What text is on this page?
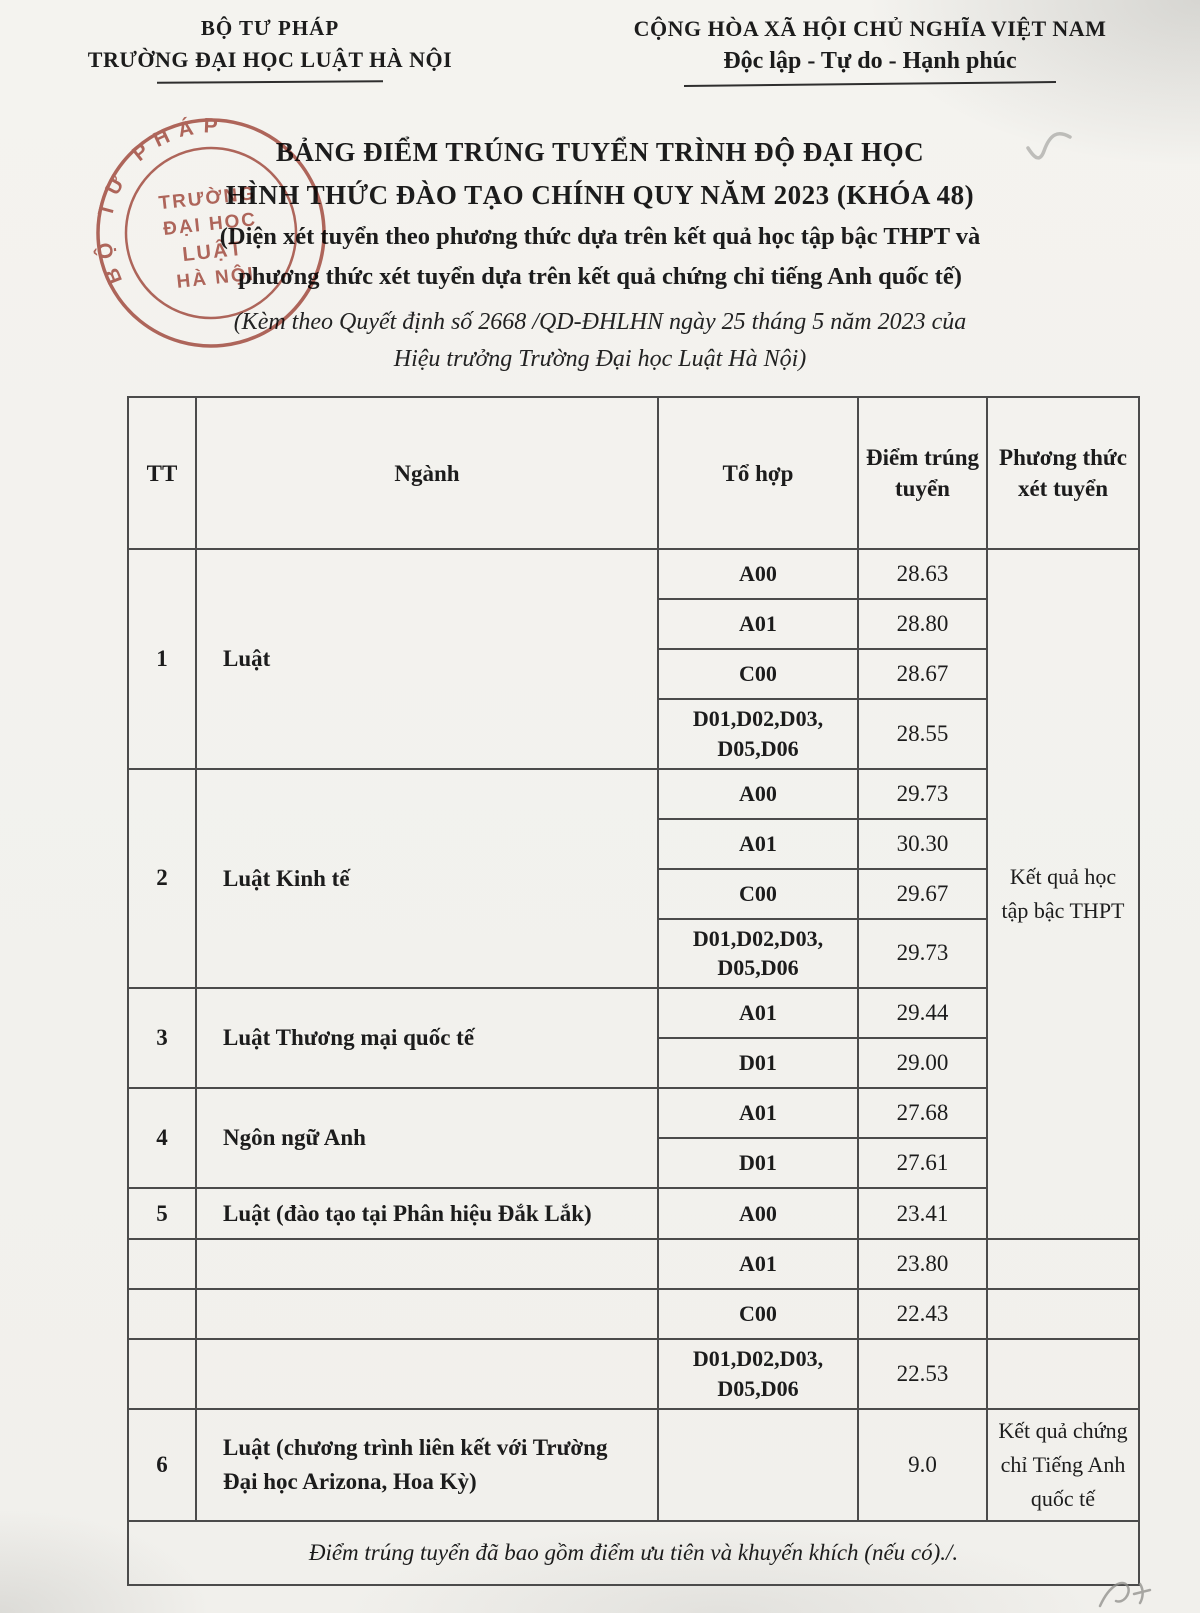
BỘ TƯ PHÁP
TRƯỜNG ĐẠI HỌC LUẬT HÀ NỘI
CỘNG HÒA XÃ HỘI CHỦ NGHĨA VIỆT NAM
Độc lập - Tự do - Hạnh phúc
BẢNG ĐIỂM TRÚNG TUYỂN TRÌNH ĐỘ ĐẠI HỌC
HÌNH THỨC ĐÀO TẠO CHÍNH QUY NĂM 2023 (KHÓA 48)
(Diện xét tuyển theo phương thức dựa trên kết quả học tập bậc THPT và
phương thức xét tuyển dựa trên kết quả chứng chỉ tiếng Anh quốc tế)
(Kèm theo Quyết định số 2668 /QD-ĐHLHN ngày 25 tháng 5 năm 2023 của
Hiệu trưởng Trường Đại học Luật Hà Nội)
TT	Ngành	Tổ hợp	Điểm trúng tuyển	Phương thức xét tuyển
1	Luật	A00	28.63	Kết quả học tập bậc THPT
		A01	28.80	
		C00	28.67	
		D01,D02,D03, D05,D06	28.55	
2	Luật Kinh tế	A00	29.73	
		A01	30.30	
		C00	29.67	
		D01,D02,D03, D05,D06	29.73	
3	Luật Thương mại quốc tế	A01	29.44	
		D01	29.00	
4	Ngôn ngữ Anh	A01	27.68	
		D01	27.61	
5	Luật (đào tạo tại Phân hiệu Đắk Lắk)	A00	23.41	
		A01	23.80	
		C00	22.43	
		D01,D02,D03, D05,D06	22.53	
6	Luật (chương trình liên kết với Trường Đại học Arizona, Hoa Kỳ)		9.0	Kết quả chứng chỉ Tiếng Anh quốc tế
Điểm trúng tuyển đã bao gồm điểm ưu tiên và khuyến khích (nếu có)./.				
BỘ TƯ PHÁP
TRƯỜNG
ĐẠI HỌC
LUẬT
HÀ NỘI
